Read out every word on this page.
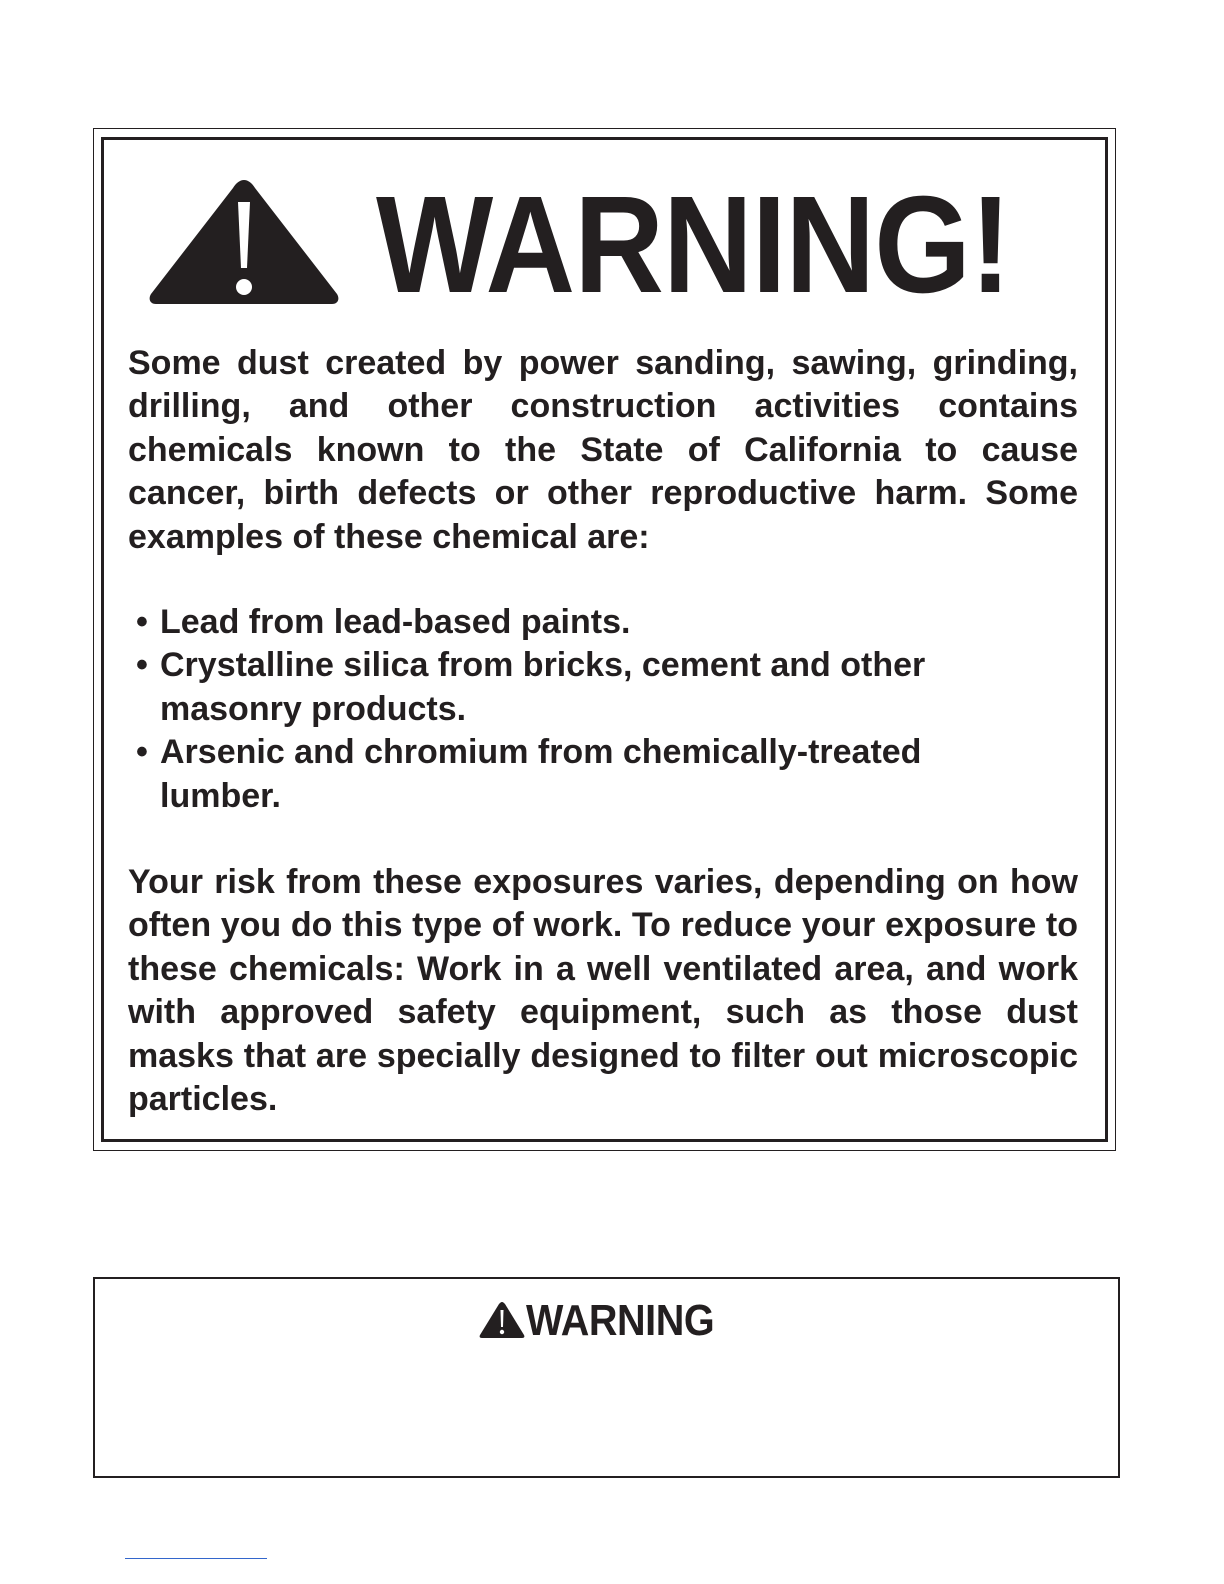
WARNING!
Some dust created by power sanding, sawing, grinding, drilling, and other construction activities contains chemicals known to the State of California to cause cancer, birth defects or other reproductive harm. Some examples of these chemical are:
• Lead from lead-based paints.
• Crystalline silica from bricks, cement and other masonry products.
• Arsenic and chromium from chemically-treated lumber.
Your risk from these exposures varies, depending on how often you do this type of work. To reduce your exposure to these chemicals: Work in a well ventilated area, and work with approved safety equipment, such as those dust masks that are specially designed to filter out microscopic particles.
WARNING
